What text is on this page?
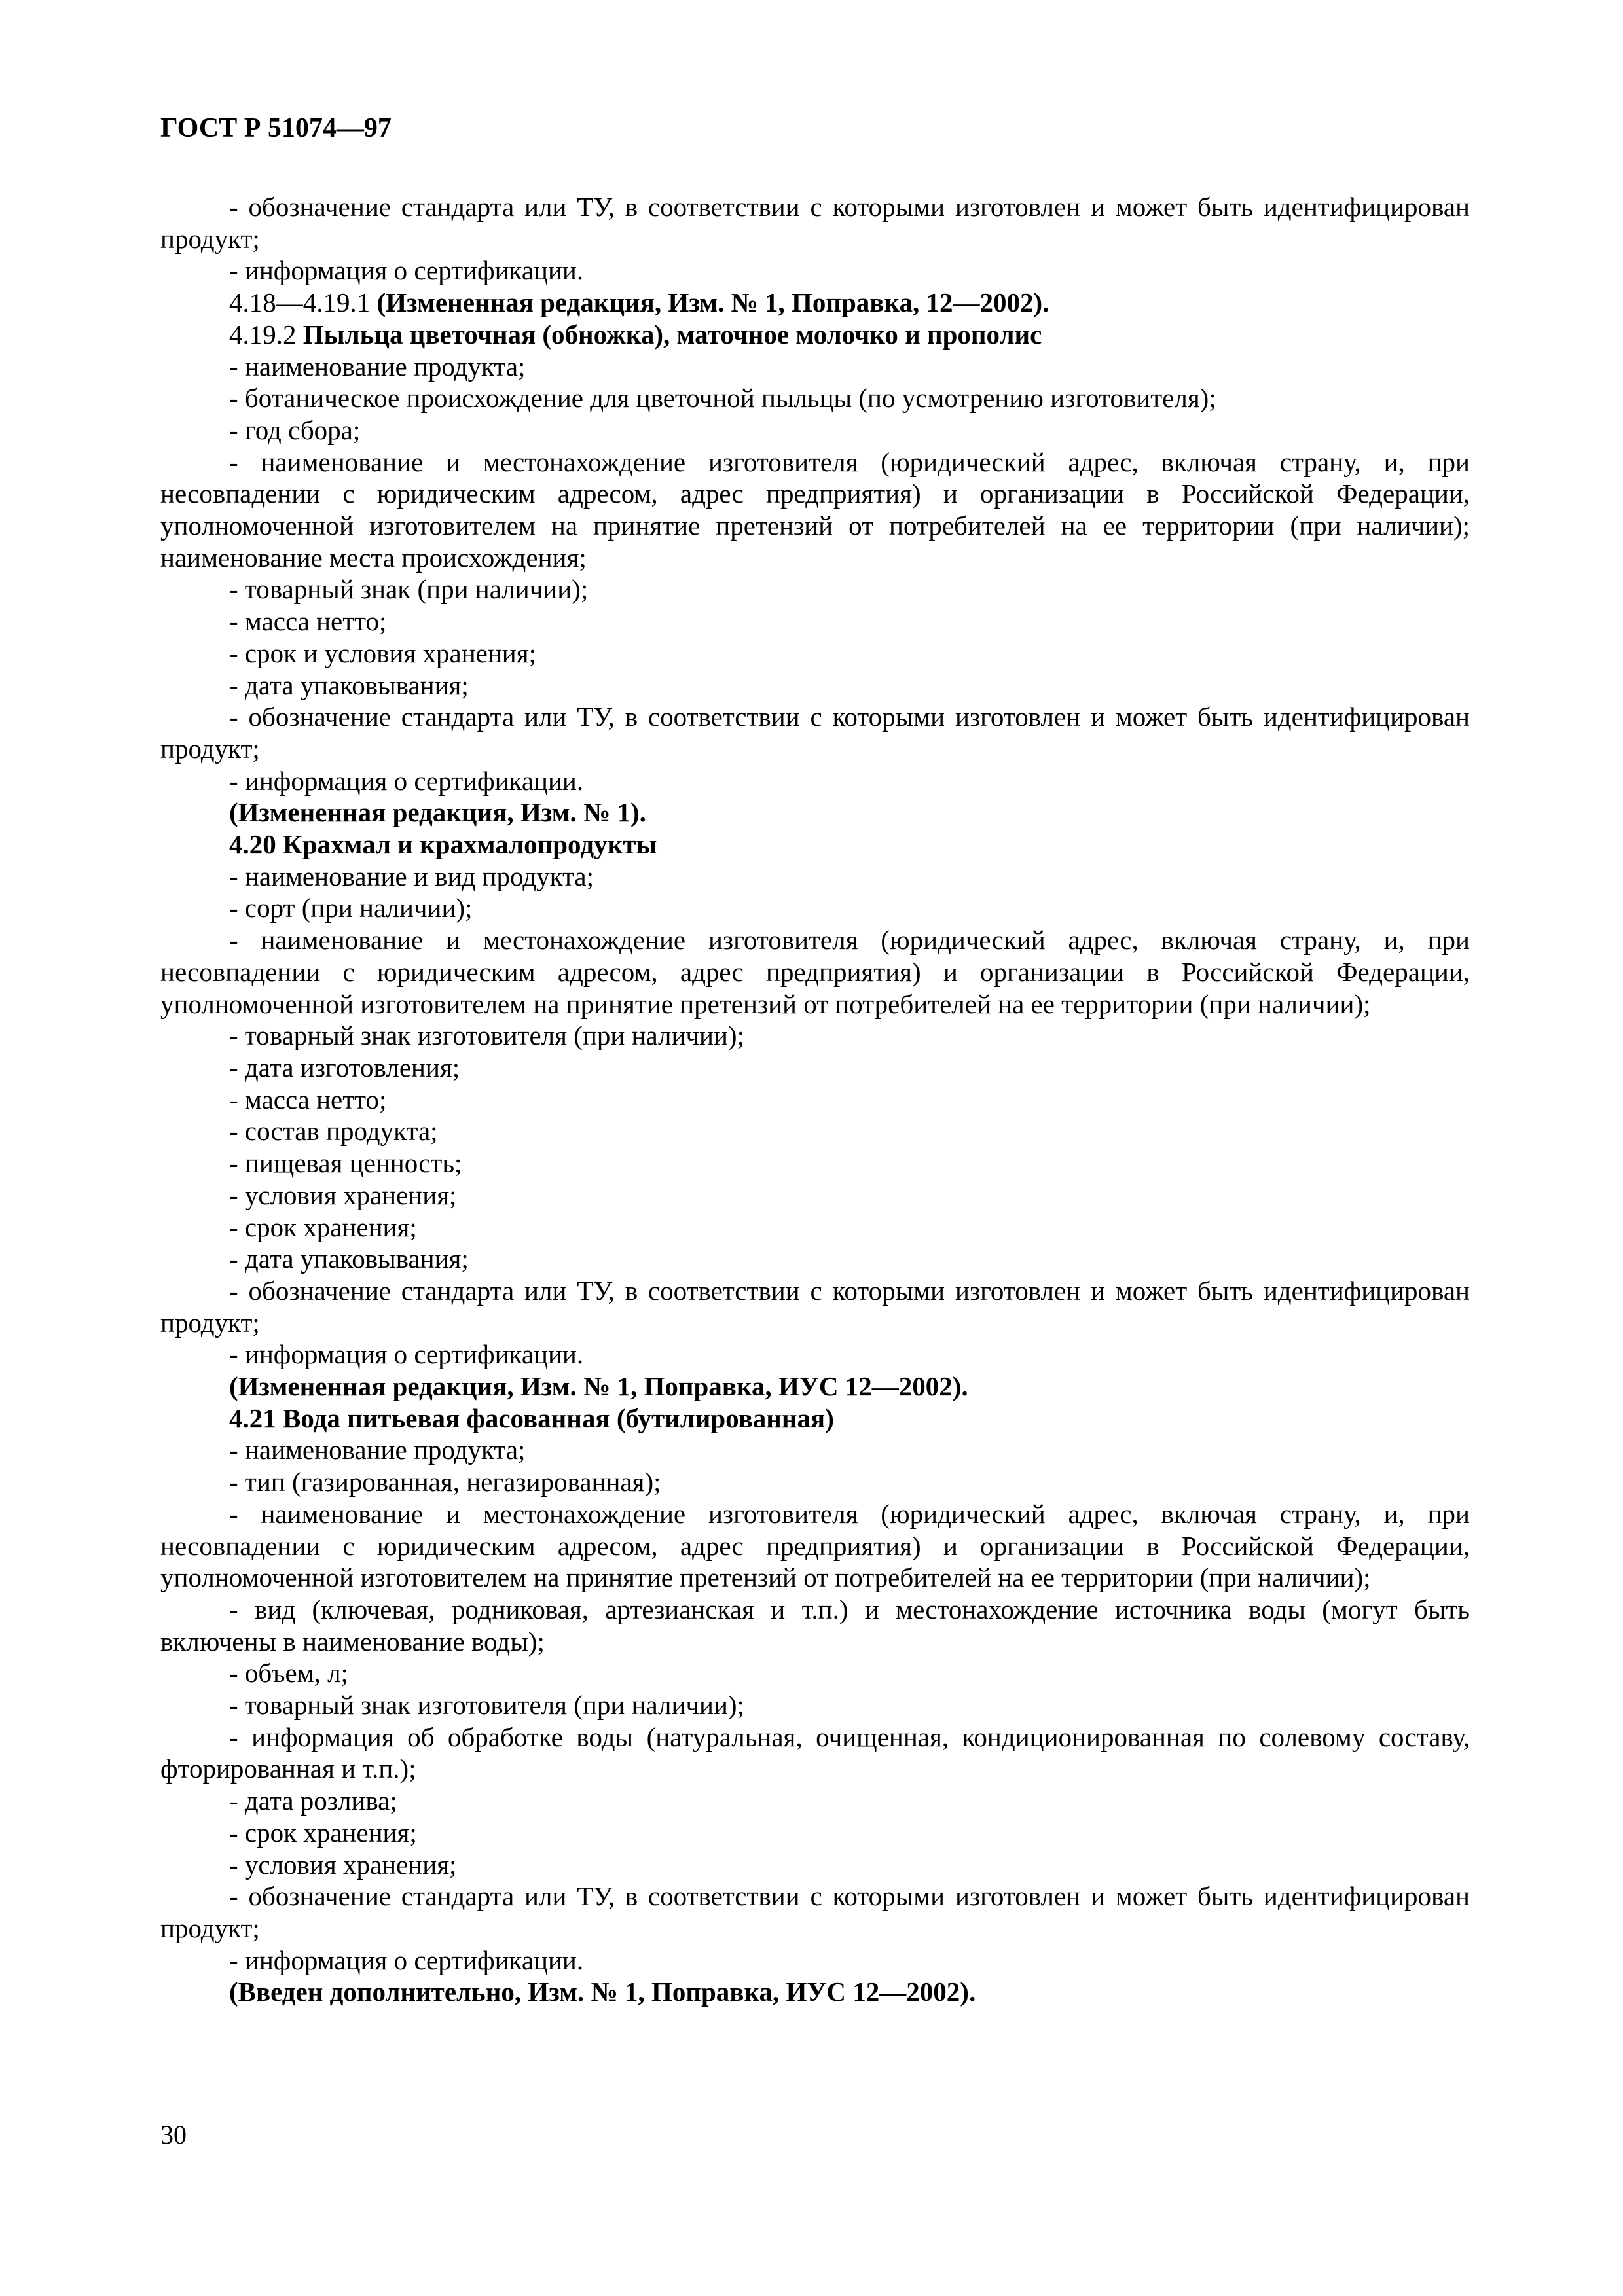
ГОСТ Р 51074—97

- обозначение стандарта или ТУ, в соответствии с которыми изготовлен и может быть идентифицирован продукт;

- информация о сертификации.

4.18—4.19.1 (Измененная редакция, Изм. № 1, Поправка, 12—2002).

4.19.2 Пыльца цветочная (обножка), маточное молочко и прополис

- наименование продукта;

- ботаническое происхождение для цветочной пыльцы (по усмотрению изготовителя);

- год сбора;

- наименование и местонахождение изготовителя (юридический адрес, включая страну, и, при несовпадении с юридическим адресом, адрес предприятия) и организации в Российской Федерации, уполномоченной изготовителем на принятие претензий от потребителей на ее территории (при наличии); наименование места происхождения;

- товарный знак (при наличии);

- масса нетто;

- срок и условия хранения;

- дата упаковывания;

- обозначение стандарта или ТУ, в соответствии с которыми изготовлен и может быть идентифицирован продукт;

- информация о сертификации.

(Измененная редакция, Изм. № 1).

4.20 Крахмал и крахмалопродукты

- наименование и вид продукта;

- сорт (при наличии);

- наименование и местонахождение изготовителя (юридический адрес, включая страну, и, при несовпадении с юридическим адресом, адрес предприятия) и организации в Российской Федерации, уполномоченной изготовителем на принятие претензий от потребителей на ее территории (при наличии);

- товарный знак изготовителя (при наличии);

- дата изготовления;

- масса нетто;

- состав продукта;

- пищевая ценность;

- условия хранения;

- срок хранения;

- дата упаковывания;

- обозначение стандарта или ТУ, в соответствии с которыми изготовлен и может быть идентифицирован продукт;

- информация о сертификации.

(Измененная редакция, Изм. № 1, Поправка, ИУС 12—2002).

4.21 Вода питьевая фасованная (бутилированная)

- наименование продукта;

- тип (газированная, негазированная);

- наименование и местонахождение изготовителя (юридический адрес, включая страну, и, при несовпадении с юридическим адресом, адрес предприятия) и организации в Российской Федерации, уполномоченной изготовителем на принятие претензий от потребителей на ее территории (при наличии);

- вид (ключевая, родниковая, артезианская и т.п.) и местонахождение источника воды (могут быть включены в наименование воды);

- объем, л;

- товарный знак изготовителя (при наличии);

- информация об обработке воды (натуральная, очищенная, кондиционированная по солевому составу, фторированная и т.п.);

- дата розлива;

- срок хранения;

- условия хранения;

- обозначение стандарта или ТУ, в соответствии с которыми изготовлен и может быть идентифицирован продукт;

- информация о сертификации.

(Введен дополнительно, Изм. № 1, Поправка, ИУС 12—2002).

30
